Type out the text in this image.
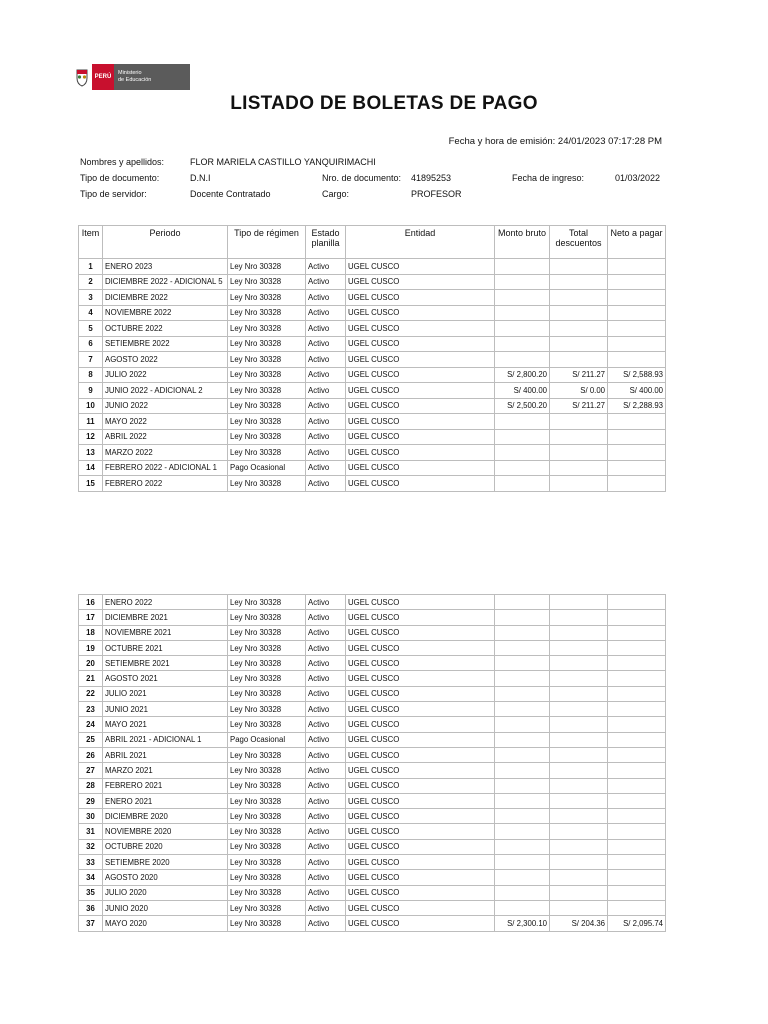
PERÚ
Ministerio
de Educación
LISTADO DE BOLETAS DE PAGO
Fecha y hora de emisión: 24/01/2023 07:17:28 PM
Nombres y apellidos:	FLOR MARIELA CASTILLO YANQUIRIMACHI
Tipo de documento:	D.N.I	Nro. de documento: 41895253	Fecha de ingreso:	01/03/2022
Tipo de servidor:	Docente Contratado	Cargo:	PROFESOR
Item	Periodo	Tipo de régimen	Estado planilla	Entidad	Monto bruto	Total descuentos	Neto a pagar
1	ENERO 2023	Ley Nro 30328	Activo	UGEL CUSCO			
2	DICIEMBRE 2022 - ADICIONAL 5	Ley Nro 30328	Activo	UGEL CUSCO			
3	DICIEMBRE 2022	Ley Nro 30328	Activo	UGEL CUSCO			
4	NOVIEMBRE 2022	Ley Nro 30328	Activo	UGEL CUSCO			
5	OCTUBRE 2022	Ley Nro 30328	Activo	UGEL CUSCO			
6	SETIEMBRE 2022	Ley Nro 30328	Activo	UGEL CUSCO			
7	AGOSTO 2022	Ley Nro 30328	Activo	UGEL CUSCO			
8	JULIO 2022	Ley Nro 30328	Activo	UGEL CUSCO	S/ 2,800.20	S/ 211.27	S/ 2,588.93
9	JUNIO 2022 - ADICIONAL 2	Ley Nro 30328	Activo	UGEL CUSCO	S/ 400.00	S/ 0.00	S/ 400.00
10	JUNIO 2022	Ley Nro 30328	Activo	UGEL CUSCO	S/ 2,500.20	S/ 211.27	S/ 2,288.93
11	MAYO 2022	Ley Nro 30328	Activo	UGEL CUSCO			
12	ABRIL 2022	Ley Nro 30328	Activo	UGEL CUSCO			
13	MARZO 2022	Ley Nro 30328	Activo	UGEL CUSCO			
14	FEBRERO 2022 - ADICIONAL 1	Pago Ocasional	Activo	UGEL CUSCO			
15	FEBRERO 2022	Ley Nro 30328	Activo	UGEL CUSCO			
16	ENERO 2022	Ley Nro 30328	Activo	UGEL CUSCO			
17	DICIEMBRE 2021	Ley Nro 30328	Activo	UGEL CUSCO			
18	NOVIEMBRE 2021	Ley Nro 30328	Activo	UGEL CUSCO			
19	OCTUBRE 2021	Ley Nro 30328	Activo	UGEL CUSCO			
20	SETIEMBRE 2021	Ley Nro 30328	Activo	UGEL CUSCO			
21	AGOSTO 2021	Ley Nro 30328	Activo	UGEL CUSCO			
22	JULIO 2021	Ley Nro 30328	Activo	UGEL CUSCO			
23	JUNIO 2021	Ley Nro 30328	Activo	UGEL CUSCO			
24	MAYO 2021	Ley Nro 30328	Activo	UGEL CUSCO			
25	ABRIL 2021 - ADICIONAL 1	Pago Ocasional	Activo	UGEL CUSCO			
26	ABRIL 2021	Ley Nro 30328	Activo	UGEL CUSCO			
27	MARZO 2021	Ley Nro 30328	Activo	UGEL CUSCO			
28	FEBRERO 2021	Ley Nro 30328	Activo	UGEL CUSCO			
29	ENERO 2021	Ley Nro 30328	Activo	UGEL CUSCO			
30	DICIEMBRE 2020	Ley Nro 30328	Activo	UGEL CUSCO			
31	NOVIEMBRE 2020	Ley Nro 30328	Activo	UGEL CUSCO			
32	OCTUBRE 2020	Ley Nro 30328	Activo	UGEL CUSCO			
33	SETIEMBRE 2020	Ley Nro 30328	Activo	UGEL CUSCO			
34	AGOSTO 2020	Ley Nro 30328	Activo	UGEL CUSCO			
35	JULIO 2020	Ley Nro 30328	Activo	UGEL CUSCO			
36	JUNIO 2020	Ley Nro 30328	Activo	UGEL CUSCO			
37	MAYO 2020	Ley Nro 30328	Activo	UGEL CUSCO	S/ 2,300.10	S/ 204.36	S/ 2,095.74
